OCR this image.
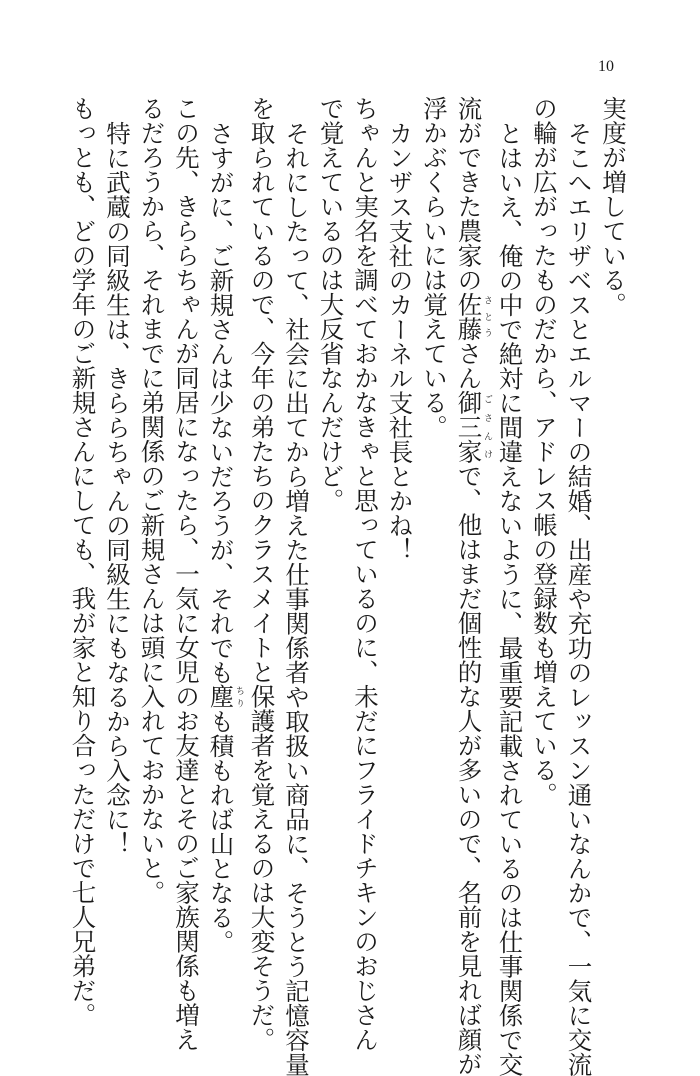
10
実度が増している。
そこへエリザベスとエルマーの結婚、出産や充功のレッスン通いなんかで、一気に交流
の輪が広がったものだから、アドレス帳の登録数も増えている。
とはいえ、俺の中で絶対に間違えないように、最重要記載されているのは仕事関係で交
流ができた農家の佐藤さとうさん御三家ごさんけで、他はまだ個性的な人が多いので、名前を見れば顔が
浮かぶくらいには覚えている。
カンザス支社のカーネル支社長とかね！
ちゃんと実名を調べておかなきゃと思っているのに、未だにフライドチキンのおじさん
で覚えているのは大反省なんだけど。
それにしたって、社会に出てから増えた仕事関係者や取扱い商品に、そうとう記憶容量
を取られているので、今年の弟たちのクラスメイトと保護者を覚えるのは大変そうだ。
さすがに、ご新規さんは少ないだろうが、それでも塵ちりも積もれば山となる。
この先、きららちゃんが同居になったら、一気に女児のお友達とそのご家族関係も増え
るだろうから、それまでに弟関係のご新規さんは頭に入れておかないと。
特に武蔵の同級生は、きららちゃんの同級生にもなるから入念に！
もっとも、どの学年のご新規さんにしても、我が家と知り合っただけで七人兄弟だ。
